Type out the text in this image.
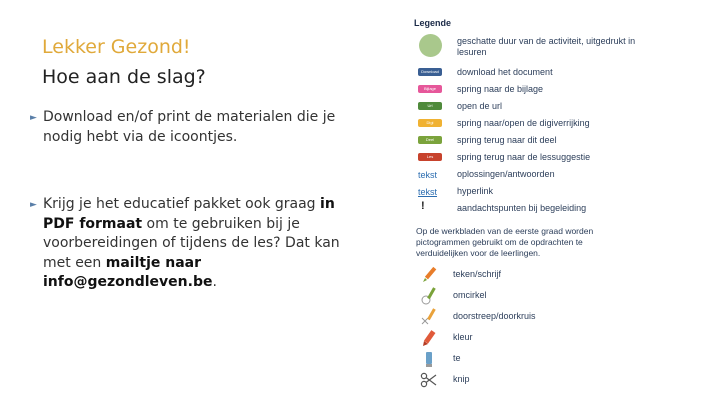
Lekker Gezond!
Hoe aan de slag?
► Download en/of print de materialen die je nodig hebt via de icoontjes.
► Krijg je het educatief pakket ook graag in PDF formaat om te gebruiken bij je voorbereidingen of tijdens de les? Dat kan met een mailtje naar info@gezondleven.be.
Legende
geschatte duur van de activiteit, uitgedrukt in lesuren
Download	download het document
Bijlage	spring naar de bijlage
Url	open de url
Digi	spring naar/open de digiverrijking
Deel	spring terug naar dit deel
Les	spring terug naar de lessuggestie
tekst oplossingen/antwoorden
tekst hyperlink
!	aandachtspunten bij begeleiding
Op de werkbladen van de eerste graad worden pictogrammen gebruikt om de opdrachten te verduidelijken voor de leerlingen.
teken/schrijf
omcirkel
doorstreep/doorkruis
kleur
te
knip
